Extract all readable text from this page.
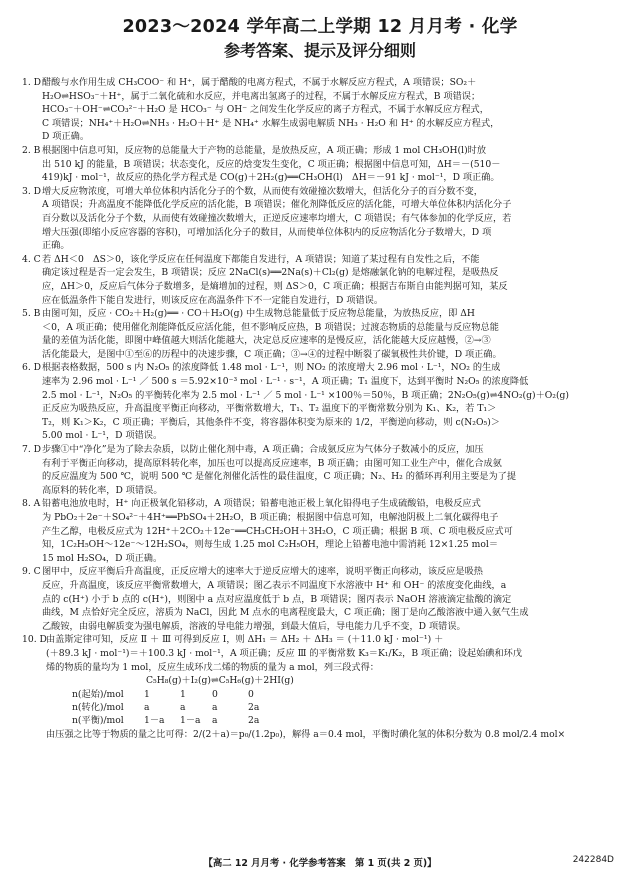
2023～2024 学年高二上学期 12 月月考 · 化学
参考答案、提示及评分细则
1. D 醋酸与水作用生成 CH₃COO⁻ 和 H⁺，属于醋酸的电离方程式，不属于水解反应方程式，A 项错误；SO₂＋
H₂O⇌HSO₃⁻＋H⁺，属于二氧化硫和水反应，并电离出氢离子的过程，不属于水解反应方程式，B 项错误；
HCO₃⁻＋OH⁻⇌CO₃²⁻＋H₂O 是 HCO₃⁻ 与 OH⁻ 之间发生化学反应的离子方程式，不属于水解反应方程式，
C 项错误；NH₄⁺＋H₂O⇌NH₃ · H₂O＋H⁺ 是 NH₄⁺ 水解生成弱电解质 NH₃ · H₂O 和 H⁺ 的水解反应方程式，
D 项正确。
2. B 根据图中信息可知，反应物的总能量大于产物的总能量，是放热反应，A 项正确；形成 1 mol CH₃OH(l)时放
出 510 kJ 的能量，B 项错误；状态变化，反应的焓变发生变化，C 项正确；根据图中信息可知，ΔH＝－(510－
419)kJ · mol⁻¹，故反应的热化学方程式是 CO(g)＋2H₂(g)══CH₃OH(l)　ΔH＝－91 kJ · mol⁻¹，D 项正确。
3. D 增大反应物浓度，可增大单位体积内活化分子的个数，从而使有效碰撞次数增大，但活化分子的百分数不变，
A 项错误；升高温度不能降低化学反应的活化能，B 项错误；催化剂降低反应的活化能，可增大单位体积内活化分子
百分数以及活化分子个数，从而使有效碰撞次数增大，正逆反应速率均增大，C 项错误；有气体参加的化学反应，若
增大压强(即缩小反应容器的容积)，可增加活化分子的数目，从而使单位体积内的反应物活化分子数增大，D 项
正确。
4. C 若 ΔH＜0　ΔS＞0，该化学反应在任何温度下都能自发进行，A 项错误；知道了某过程有自发性之后，不能
确定该过程是否一定会发生，B 项错误；反应 2NaCl(s)══2Na(s)＋Cl₂(g) 是熔融氯化钠的电解过程，是吸热反
应，ΔH＞0，反应后气体分子数增多，是熵增加的过程，则 ΔS＞0，C 项正确；根据吉布斯自由能判据可知，某反
应在低温条件下能自发进行，则该反应在高温条件下不一定能自发进行，D 项错误。
5. B 由图可知，反应 · CO₂＋H₂(g)══ · CO＋H₂O(g) 中生成物总能量低于反应物总能量，为放热反应，即 ΔH
＜0，A 项正确；使用催化剂能降低反应活化能，但不影响反应热，B 项错误；过渡态物质的总能量与反应物总能
量的差值为活化能，即图中峰值越大则活化能越大，决定总反应速率的是慢反应，活化能越大反应越慢，②→③
活化能最大，是图中①至⑥的历程中的决速步骤，C 项正确；③→④的过程中断裂了碳氧极性共价键，D 项正确。
6. D 根据表格数据，500 s 内 N₂O₅ 的浓度降低 1.48 mol · L⁻¹，则 NO₂ 的浓度增大 2.96 mol · L⁻¹，NO₂ 的生成
速率为 2.96 mol · L⁻¹ ／ 500 s ＝5.92×10⁻³ mol · L⁻¹ · s⁻¹，A 项正确；T₁ 温度下，达到平衡时 N₂O₅ 的浓度降低
2.5 mol · L⁻¹，N₂O₅ 的平衡转化率为 2.5 mol · L⁻¹ ／ 5 mol · L⁻¹ ×100％＝50％，B 项正确；2N₂O₅(g)⇌4NO₂(g)＋O₂(g)
正反应为吸热反应，升高温度平衡正向移动，平衡常数增大，T₁、T₂ 温度下的平衡常数分别为 K₁、K₂，若 T₁＞
T₂，则 K₁＞K₂，C 项正确；平衡后，其他条件不变，将容器体积变为原来的 1/2，平衡逆向移动，则 c(N₂O₅)＞
5.00 mol · L⁻¹，D 项错误。
7. D 步骤①中“净化”是为了除去杂质，以防止催化剂中毒，A 项正确；合成氨反应为气体分子数减小的反应，加压
有利于平衡正向移动，提高原料转化率，加压也可以提高反应速率，B 项正确；由图可知工业生产中，催化合成氨
的反应温度为 500 ℃，说明 500 ℃ 是催化剂催化活性的最佳温度，C 项正确；N₂、H₂ 的循环再利用主要是为了提
高原料的转化率，D 项错误。
8. A 铅蓄电池放电时，H⁺ 向正极氧化铅移动，A 项错误；铅蓄电池正极上氧化铅得电子生成硫酸铅，电极反应式
为 PbO₂＋2e⁻＋SO₄²⁻＋4H⁺══PbSO₄＋2H₂O，B 项正确；根据图中信息可知，电解池阴极上二氧化碳得电子
产生乙醇，电极反应式为 12H⁺＋2CO₂＋12e⁻══CH₃CH₂OH＋3H₂O，C 项正确；根据 B 项、C 项电极反应式可
知，1C₂H₅OH～12e⁻～12H₂SO₄，则每生成 1.25 mol C₂H₅OH，理论上铅蓄电池中需消耗 12×1.25 mol＝
15 mol H₂SO₄，D 项正确。
9. C 图甲中，反应平衡后升高温度，正反应增大的速率大于逆反应增大的速率，说明平衡正向移动，该反应是吸热
反应，升高温度，该反应平衡常数增大，A 项错误；图乙表示不同温度下水溶液中 H⁺ 和 OH⁻ 的浓度变化曲线，a
点的 c(H⁺) 小于 b 点的 c(H⁺)，则图中 a 点对应温度低于 b 点，B 项错误；图丙表示 NaOH 溶液滴定盐酸的滴定
曲线，M 点恰好完全反应，溶质为 NaCl，因此 M 点水的电离程度最大，C 项正确；图丁是向乙酸溶液中通入氨气生成
乙酸铵，由弱电解质变为强电解质，溶液的导电能力增强，到最大值后，导电能力几乎不变，D 项错误。
10. D 由盖斯定律可知，反应 Ⅱ ＋ Ⅲ 可得到反应 Ⅰ，则 ΔH₁ ＝ ΔH₂ ＋ ΔH₃ ＝ (＋11.0 kJ · mol⁻¹) ＋
(＋89.3 kJ · mol⁻¹)＝＋100.3 kJ · mol⁻¹，A 项正确；反应 Ⅲ 的平衡常数 K₃＝K₁/K₂，B 项正确；设起始碘和环戊
烯的物质的量均为 1 mol，反应生成环戊二烯的物质的量为 a mol，列三段式得：
C₅H₈(g)＋I₂(g)⇌C₅H₆(g)＋2HI(g)
n(起始)/mol	1	1	0	0
n(转化)/mol	a	a	a	2a
n(平衡)/mol	1－a	1－a	a	2a
由压强之比等于物质的量之比可得：2/(2＋a)＝p₀/(1.2p₀)，解得 a＝0.4 mol，平衡时碘化氢的体积分数为 0.8 mol/2.4 mol×
【高二 12 月月考 · 化学参考答案　第 1 页(共 2 页)】	242284D
